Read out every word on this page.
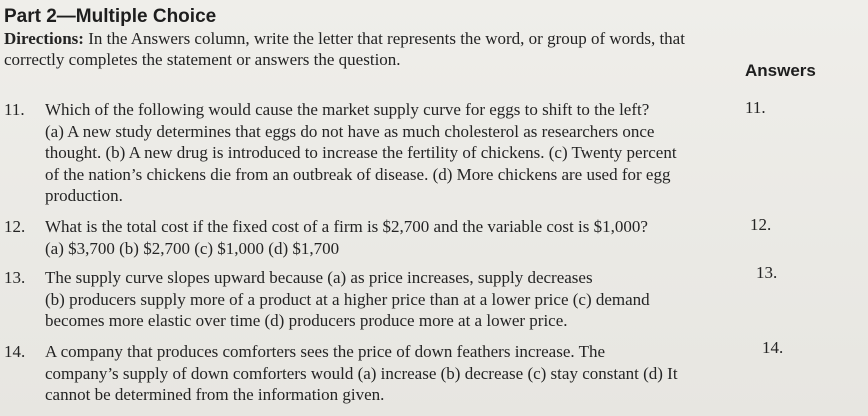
Part 2—Multiple Choice
Directions: In the Answers column, write the letter that represents the word, or group of words, that
correctly completes the statement or answers the question.
Answers
11. Which of the following would cause the market supply curve for eggs to shift to the left?
(a) A new study determines that eggs do not have as much cholesterol as researchers once
thought. (b) A new drug is introduced to increase the fertility of chickens. (c) Twenty percent
of the nation’s chickens die from an outbreak of disease. (d) More chickens are used for egg
production.
11.
12. What is the total cost if the fixed cost of a firm is $2,700 and the variable cost is $1,000?
(a) $3,700 (b) $2,700 (c) $1,000 (d) $1,700
12.
13. The supply curve slopes upward because (a) as price increases, supply decreases
(b) producers supply more of a product at a higher price than at a lower price (c) demand
becomes more elastic over time (d) producers produce more at a lower price.
13.
14. A company that produces comforters sees the price of down feathers increase. The
company’s supply of down comforters would (a) increase (b) decrease (c) stay constant (d) It
cannot be determined from the information given.
14.
